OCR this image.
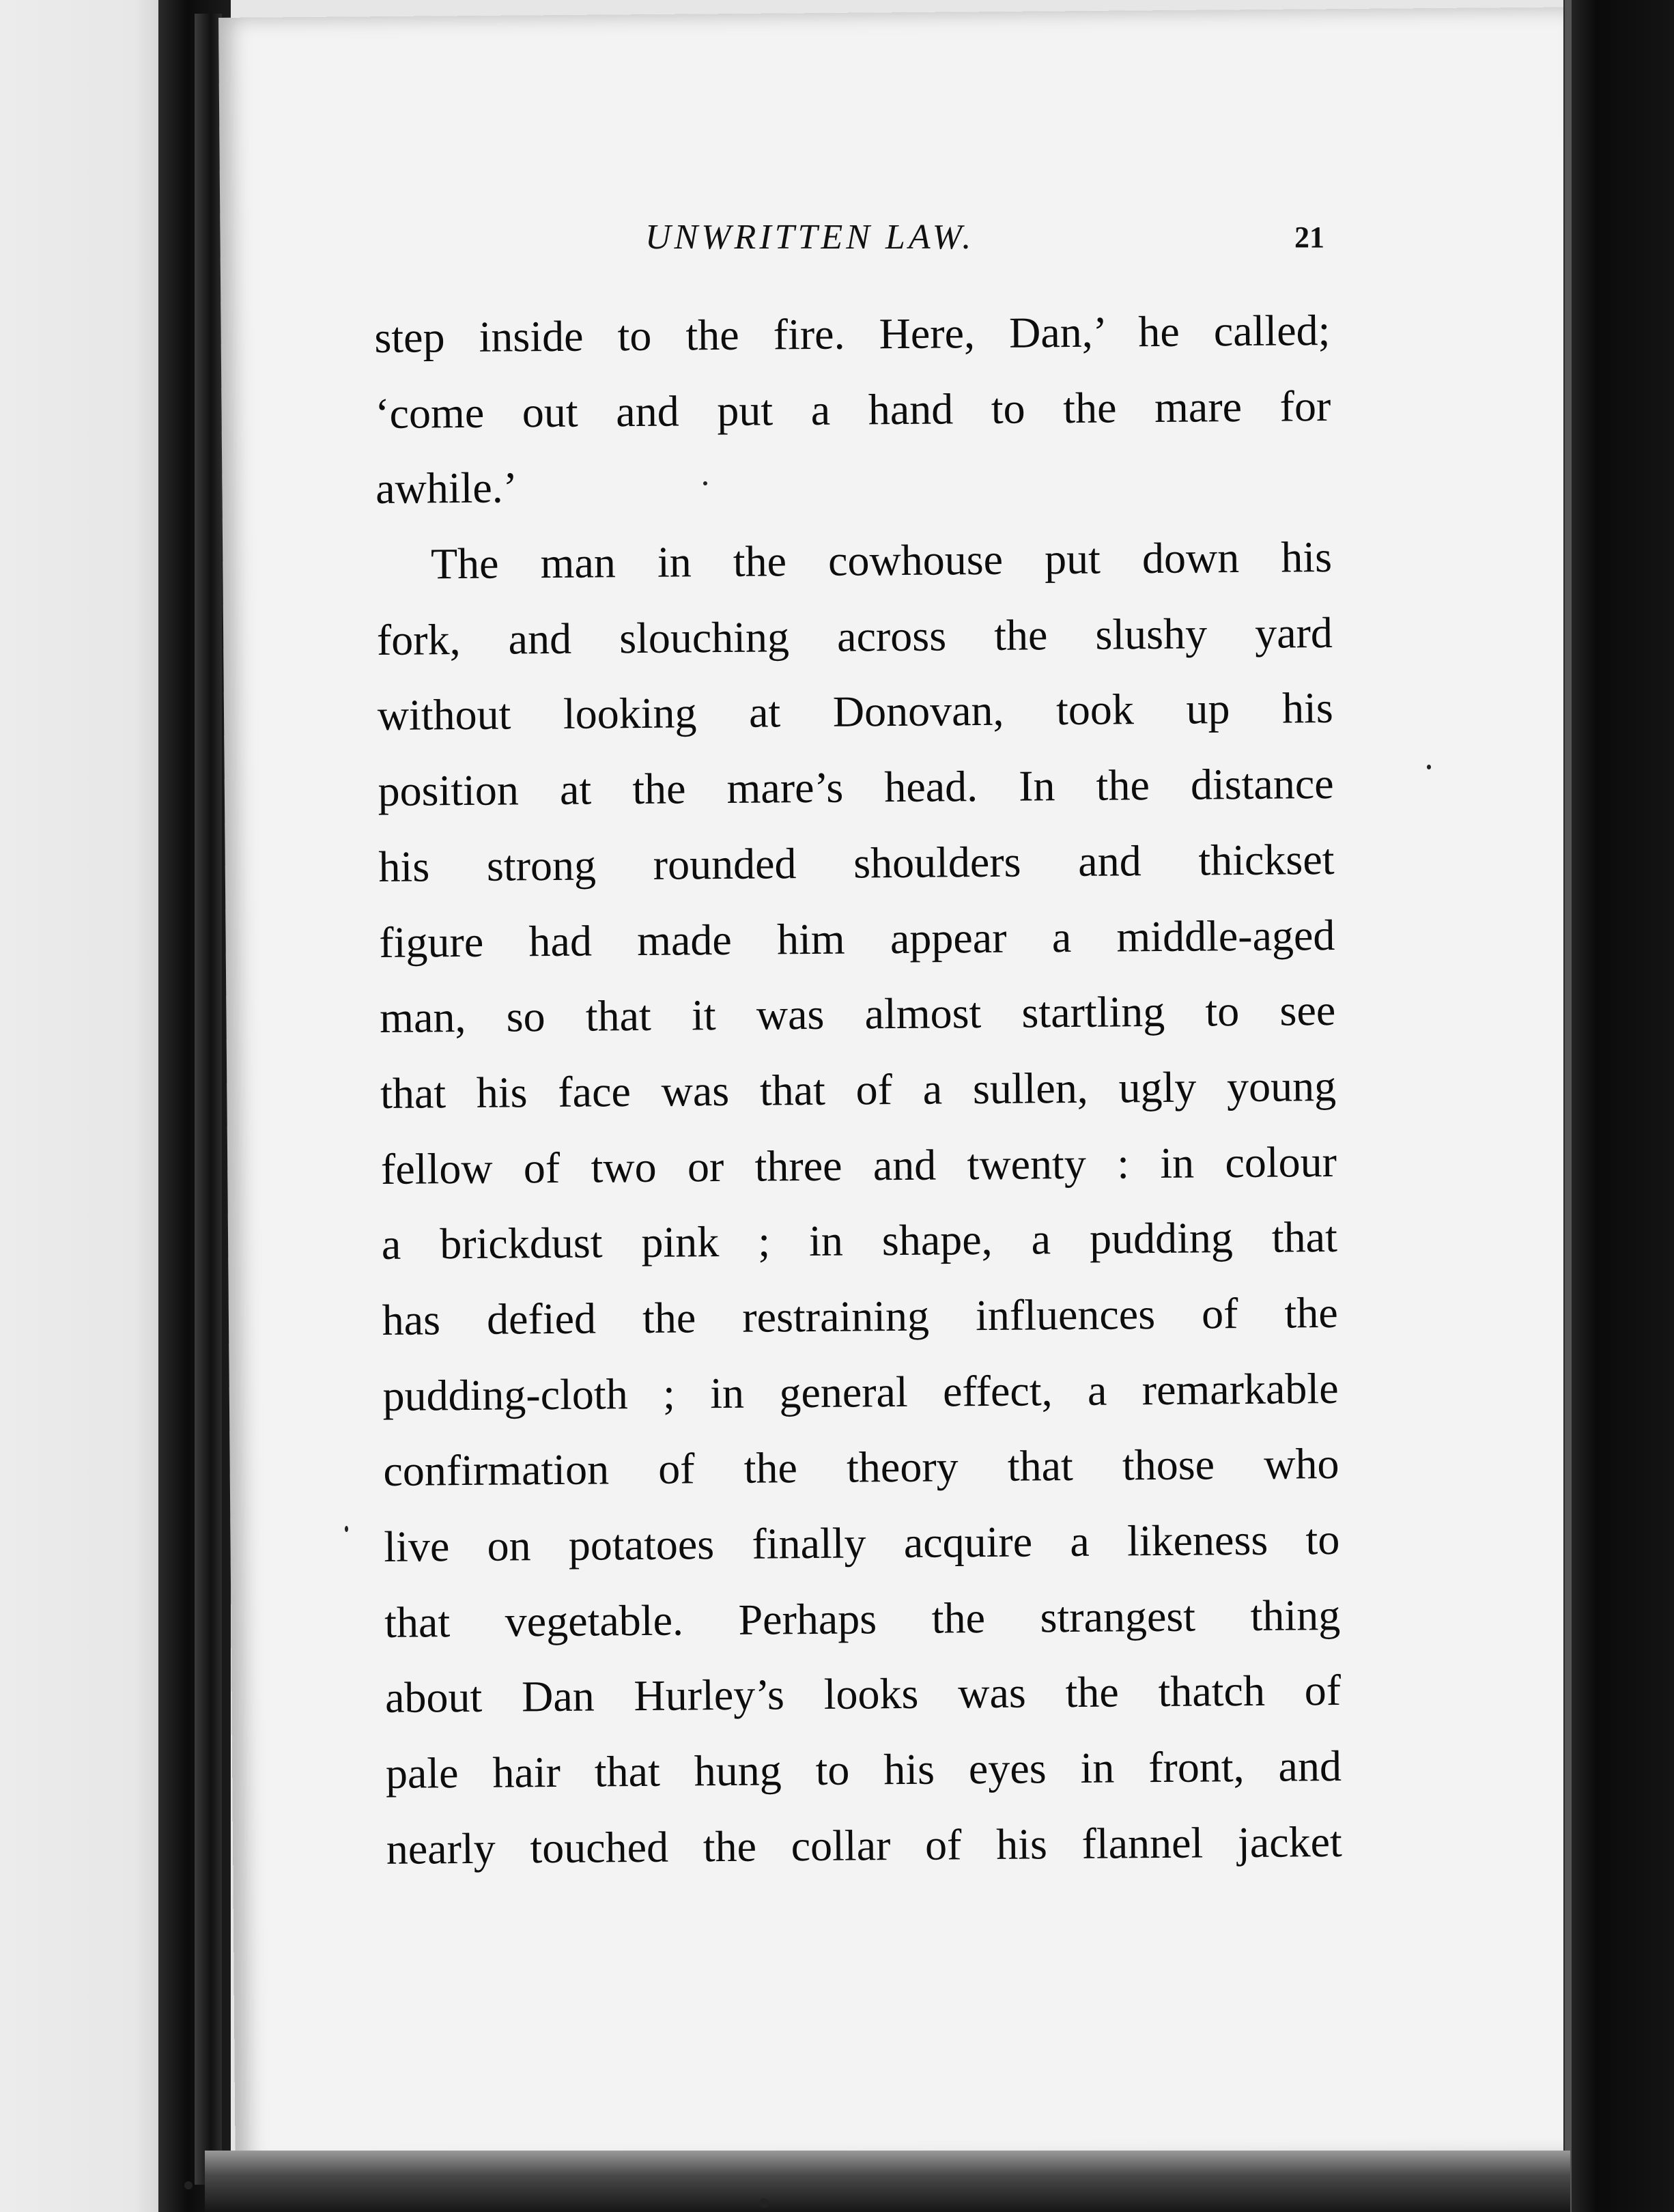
UNWRITTEN LAW.	21
step inside to the fire. Here, Dan,’ he called;
‘come out and put a hand to the mare for
awhile.’
The man in the cowhouse put down his
fork, and slouching across the slushy yard
without looking at Donovan, took up his
position at the mare’s head. In the distance
his strong rounded shoulders and thickset
figure had made him appear a middle-aged
man, so that it was almost startling to see
that his face was that of a sullen, ugly young
fellow of two or three and twenty : in colour
a brickdust pink ; in shape, a pudding that
has defied the restraining influences of the
pudding-cloth ; in general effect, a remarkable
confirmation of the theory that those who
live on potatoes finally acquire a likeness to
that vegetable. Perhaps the strangest thing
about Dan Hurley’s looks was the thatch of
pale hair that hung to his eyes in front, and
nearly touched the collar of his flannel jacket
